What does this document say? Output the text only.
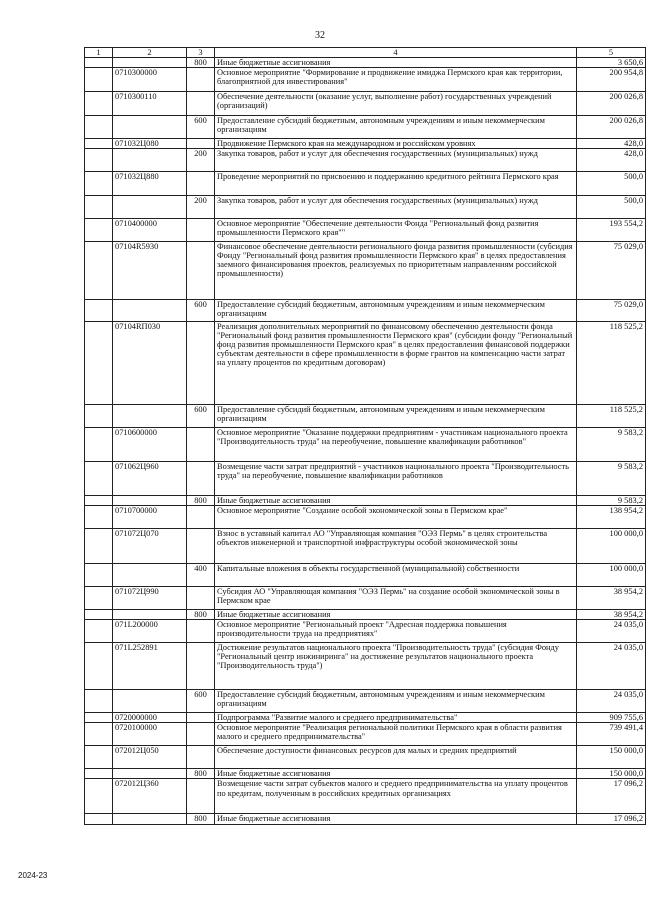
32
1	2	3	4	5
		800	Иные бюджетные ассигнования	3 650,6
	0710300000		Основное мероприятие "Формирование и продвижение имиджа Пермского края как территории, благоприятной для инвестирования"	200 954,8
	0710300110		Обеспечение деятельности (оказание услуг, выполнение работ) государственных учреждений (организаций)	200 026,8
		600	Предоставление субсидий бюджетным, автономным учреждениям и иным некоммерческим организациям	200 026,8
	071032Ц080		Продвижение Пермского края на международном и российском уровнях	428,0
		200	Закупка товаров, работ и услуг для обеспечения государственных (муниципальных) нужд	428,0
	071032Ц880		Проведение мероприятий по присвоению и поддержанию кредитного рейтинга Пермского края	500,0
		200	Закупка товаров, работ и услуг для обеспечения государственных (муниципальных) нужд	500,0
	0710400000		Основное мероприятие "Обеспечение деятельности Фонда "Региональный фонд развития промышленности Пермского края""	193 554,2
	07104R5930		Финансовое обеспечение деятельности регионального фонда развития промышленности (субсидия Фонду "Региональный фонд развития промышленности Пермского края" в целях предоставления заемного финансирования проектов, реализуемых по приоритетным направлениям российской промышленности)	75 029,0
		600	Предоставление субсидий бюджетным, автономным учреждениям и иным некоммерческим организациям	75 029,0
	07104RП030		Реализация дополнительных мероприятий по финансовому обеспечению деятельности фонда "Региональный фонд развития промышленности Пермского края" (субсидии фонду "Региональный фонд развития промышленности Пермского края" в целях предоставления финансовой поддержки субъектам деятельности в сфере промышленности в форме грантов на компенсацию части затрат на уплату процентов по кредитным договорам)	118 525,2
		600	Предоставление субсидий бюджетным, автономным учреждениям и иным некоммерческим организациям	118 525,2
	0710600000		Основное мероприятие "Оказание поддержки предприятиям - участникам национального проекта "Производительность труда" на переобучение, повышение квалификации работников"	9 583,2
	071062Ц960		Возмещение части затрат предприятий - участников национального проекта "Производительность труда" на переобучение, повышение квалификации работников	9 583,2
		800	Иные бюджетные ассигнования	9 583,2
	0710700000		Основное мероприятие "Создание особой экономической зоны в Пермском крае"	138 954,2
	071072Ц070		Взнос в уставный капитал АО "Управляющая компания "ОЭЗ Пермь" в целях строительства объектов инженерной и транспортной инфраструктуры особой экономической зоны	100 000,0
		400	Капитальные вложения в объекты государственной (муниципальной) собственности	100 000,0
	071072Ц990		Субсидия АО "Управляющая компания "ОЭЗ Пермь" на создание особой экономической зоны в Пермском крае	38 954,2
		800	Иные бюджетные ассигнования	38 954,2
	071L200000		Основное мероприятие "Региональный проект "Адресная поддержка повышения производительности труда на предприятиях"	24 035,0
	071L252891		Достижение результатов национального проекта "Производительность труда" (субсидия Фонду "Региональный центр инжиниринга" на достижение результатов национального проекта "Производительность труда")	24 035,0
		600	Предоставление субсидий бюджетным, автономным учреждениям и иным некоммерческим организациям	24 035,0
	0720000000		Подпрограмма "Развитие малого и среднего предпринимательства"	909 755,6
	0720100000		Основное мероприятие "Реализация региональной политики Пермского края в области развития малого и среднего предпринимательства"	739 491,4
	072012Ц050		Обеспечение доступности финансовых ресурсов для малых и средних предприятий	150 000,0
		800	Иные бюджетные ассигнования	150 000,0
	072012Ц360		Возмещение части затрат субъектов малого и среднего предпринимательства на уплату процентов по кредитам, полученным в российских кредитных организациях	17 096,2
		800	Иные бюджетные ассигнования	17 096,2
2024-23
